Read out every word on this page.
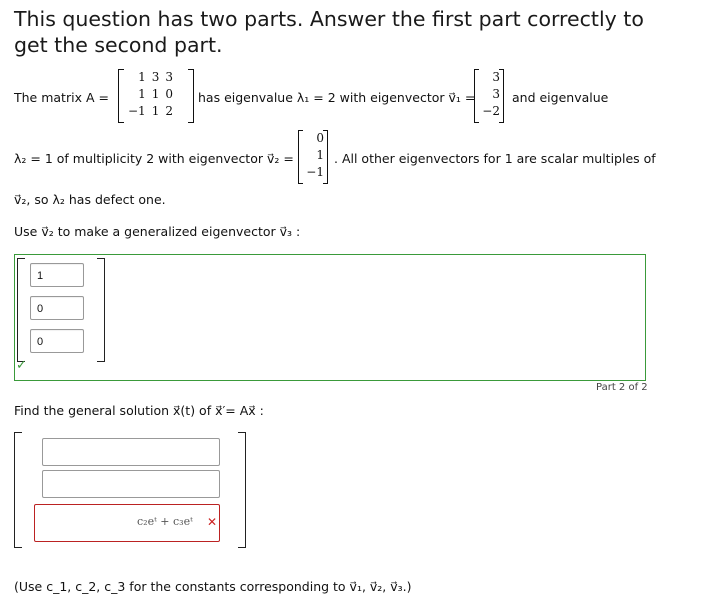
This question has two parts. Answer the first part correctly to get the second part.
The matrix A =
1	3	3
1	1	0
−1	1	2
has eigenvalue λ₁ = 2 with eigenvector v⃗₁ =
3
3
−2
and eigenvalue
λ₂ = 1 of multiplicity 2 with eigenvector v⃗₂ =
0
1
−1
. All other eigenvectors for 1 are scalar multiples of
v⃗₂, so λ₂ has defect one.
Use v⃗₂ to make a generalized eigenvector v⃗₃ :
1
0
0
✓
Part 2 of 2
Find the general solution x⃗(t) of x⃗′= Ax⃗ :
c₂eᵗ + c₃eᵗ ✕
(Use c_1, c_2, c_3 for the constants corresponding to v⃗₁, v⃗₂, v⃗₃.)
